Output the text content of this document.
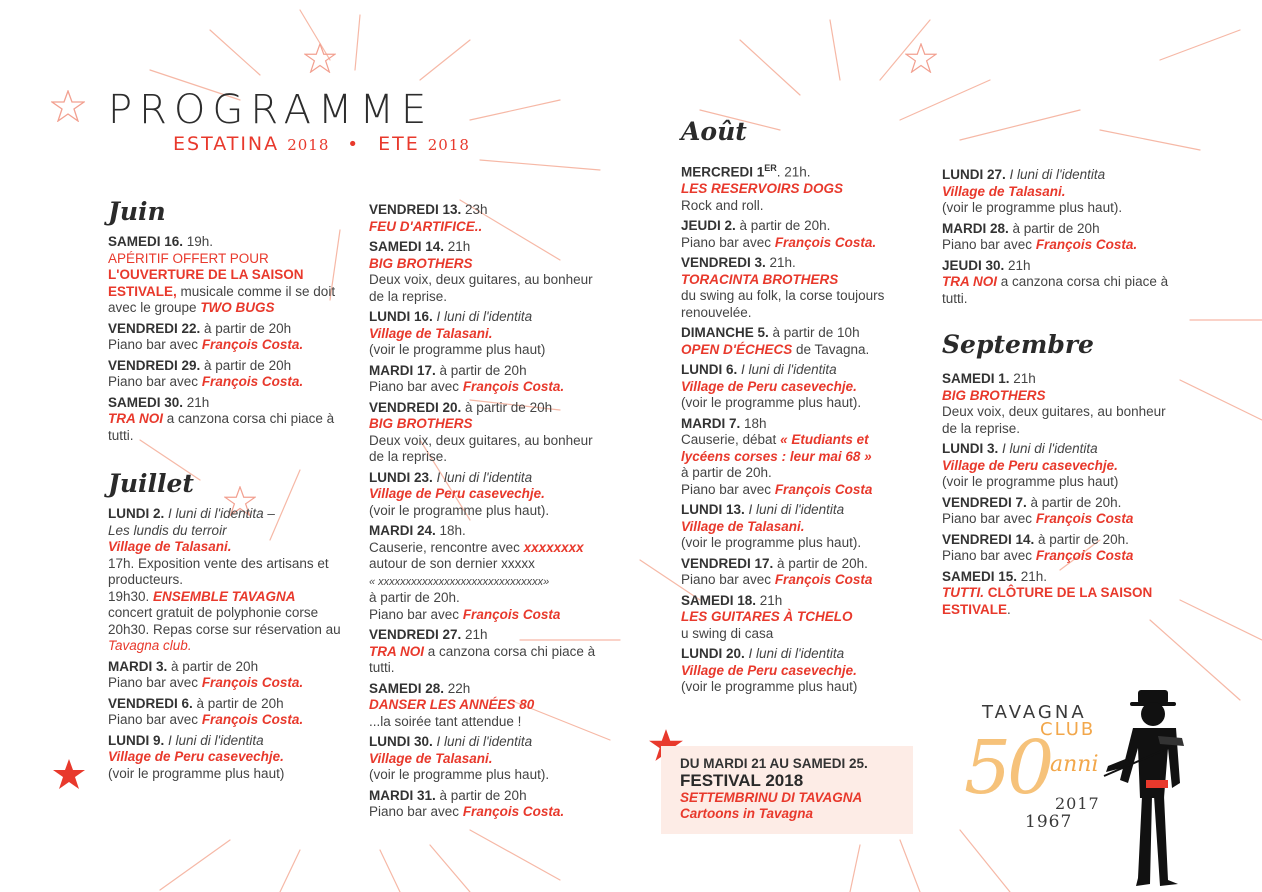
PROGRAMME
ESTATINA 2018 • ETE 2018
Juin
SAMEDI 16. 19h.
APÉRITIF OFFERT POUR
L'OUVERTURE DE LA SAISON ESTIVALE, musicale comme il se doit avec le groupe TWO BUGS
VENDREDI 22. à partir de 20h
Piano bar avec François Costa.
VENDREDI 29. à partir de 20h
Piano bar avec François Costa.
SAMEDI 30. 21h
TRA NOI a canzona corsa chi piace à tutti.
Juillet
LUNDI 2. I luni di l'identita –
Les lundis du terroir
Village de Talasani.
17h. Exposition vente des artisans et producteurs.
19h30. ENSEMBLE TAVAGNA
concert gratuit de polyphonie corse
20h30. Repas corse sur réservation au Tavagna club.
MARDI 3. à partir de 20h
Piano bar avec François Costa.
VENDREDI 6. à partir de 20h
Piano bar avec François Costa.
LUNDI 9. I luni di l'identita
Village de Peru casevechje.
(voir le programme plus haut)
VENDREDI 13. 23h
FEU D'ARTIFICE..
SAMEDI 14. 21h
BIG BROTHERS
Deux voix, deux guitares, au bonheur de la reprise.
LUNDI 16. I luni di l'identita
Village de Talasani.
(voir le programme plus haut)
MARDI 17. à partir de 20h
Piano bar avec François Costa.
VENDREDI 20. à partir de 20h
BIG BROTHERS
Deux voix, deux guitares, au bonheur de la reprise.
LUNDI 23. I luni di l'identita
Village de Peru casevechje.
(voir le programme plus haut).
MARDI 24. 18h.
Causerie, rencontre avec xxxxxxxx
autour de son dernier xxxxx
« xxxxxxxxxxxxxxxxxxxxxxxxxxxxxx»
à partir de 20h.
Piano bar avec François Costa
VENDREDI 27. 21h
TRA NOI a canzona corsa chi piace à tutti.
SAMEDI 28. 22h
DANSER LES ANNÉES 80
...la soirée tant attendue !
LUNDI 30. I luni di l'identita
Village de Talasani.
(voir le programme plus haut).
MARDI 31. à partir de 20h
Piano bar avec François Costa.
Août
MERCREDI 1ER. 21h.
LES RESERVOIRS DOGS
Rock and roll.
JEUDI 2. à partir de 20h.
Piano bar avec François Costa.
VENDREDI 3. 21h.
TORACINTA BROTHERS
du swing au folk, la corse toujours renouvelée.
DIMANCHE 5. à partir de 10h
OPEN D'ÉCHECS de Tavagna.
LUNDI 6. I luni di l'identita
Village de Peru casevechje.
(voir le programme plus haut).
MARDI 7. 18h
Causerie, débat « Etudiants et lycéens corses : leur mai 68 »
à partir de 20h.
Piano bar avec François Costa
LUNDI 13. I luni di l'identita
Village de Talasani.
(voir le programme plus haut).
VENDREDI 17. à partir de 20h.
Piano bar avec François Costa
SAMEDI 18. 21h
LES GUITARES À TCHELO
u swing di casa
LUNDI 20. I luni di l'identita
Village de Peru casevechje.
(voir le programme plus haut)
DU MARDI 21 AU SAMEDI 25.
FESTIVAL 2018
SETTEMBRINU DI TAVAGNA
Cartoons in Tavagna
LUNDI 27. I luni di l'identita
Village de Talasani.
(voir le programme plus haut).
MARDI 28. à partir de 20h
Piano bar avec François Costa.
JEUDI 30. 21h
TRA NOI a canzona corsa chi piace à tutti.
Septembre
SAMEDI 1. 21h
BIG BROTHERS
Deux voix, deux guitares, au bonheur de la reprise.
LUNDI 3. I luni di l'identita
Village de Peru casevechje.
(voir le programme plus haut)
VENDREDI 7. à partir de 20h.
Piano bar avec François Costa
VENDREDI 14. à partir de 20h.
Piano bar avec François Costa
SAMEDI 15. 21h.
TUTTI. CLÔTURE DE LA SAISON ESTIVALE.
TAVAGNA
CLUB
50 anni
2017
1967
